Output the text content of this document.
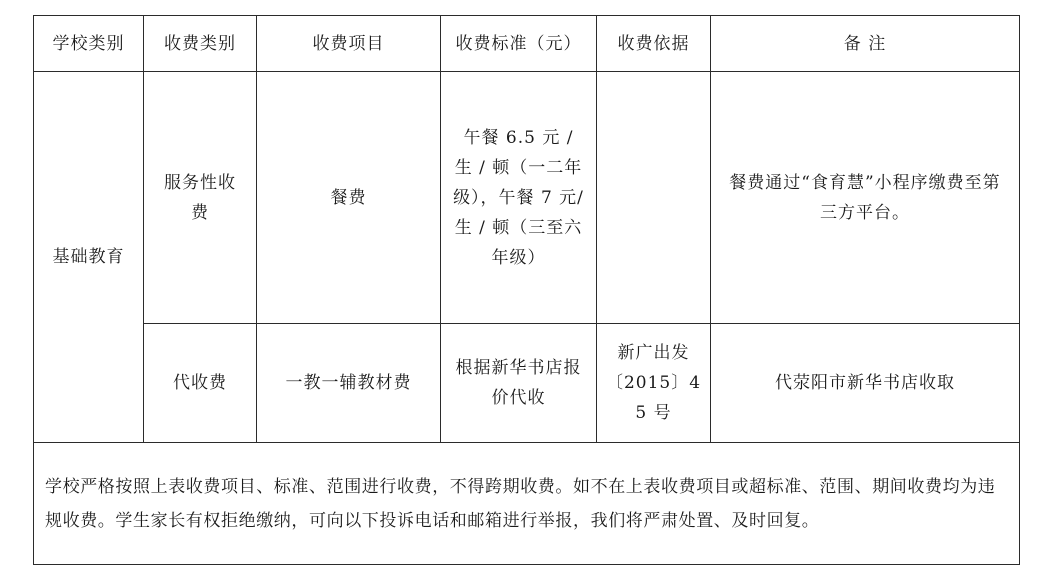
学校类别	收费类别	收费项目	收费标准（元）	收费依据	备 注
基础教育	服务性收费	餐费	午餐 6.5 元 / 生 / 顿（一二年级），午餐 7 元/生 / 顿（三至六年级）		餐费通过“食育慧”小程序缴费至第三方平台。
	代收费	一教一辅教材费	根据新华书店报价代收	新广出发〔2015〕45 号	代荥阳市新华书店收取
学校严格按照上表收费项目、标准、范围进行收费，不得跨期收费。如不在上表收费项目或超标准、范围、期间收费均为违规收费。学生家长有权拒绝缴纳，可向以下投诉电话和邮箱进行举报，我们将严肃处置、及时回复。					
